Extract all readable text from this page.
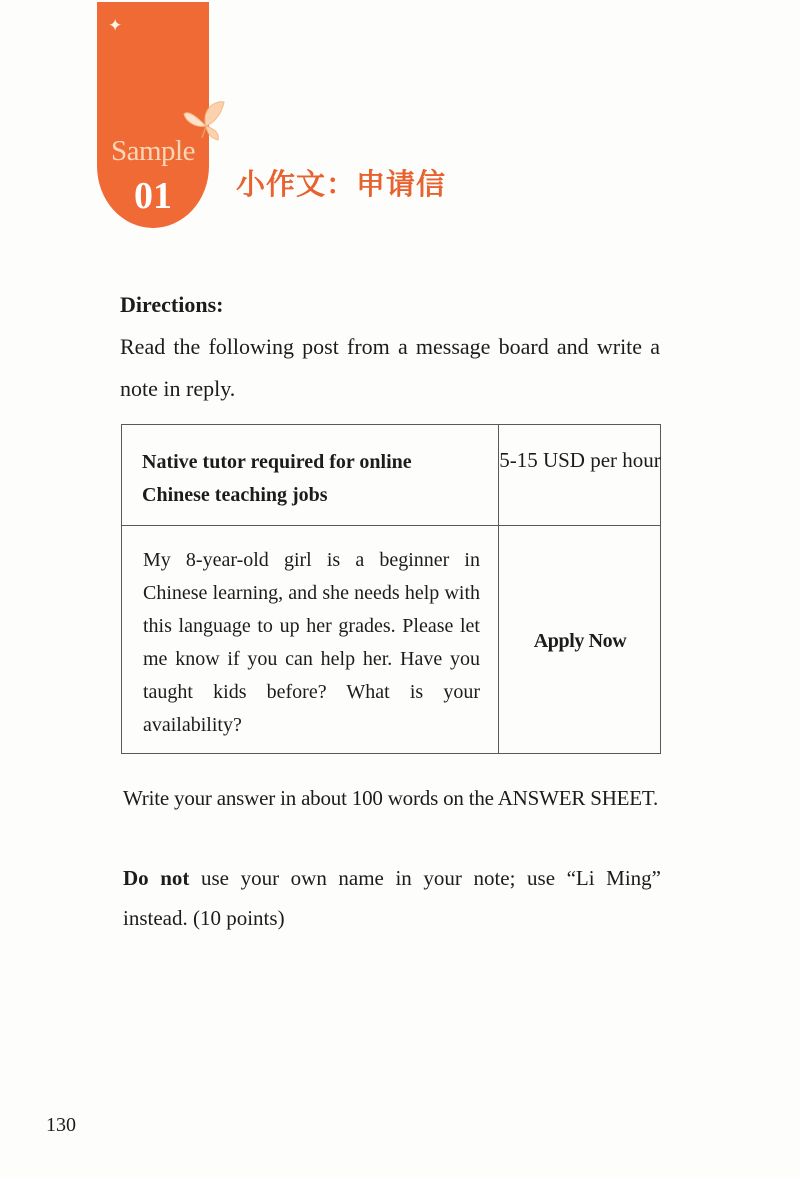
✦
Sample
01	小作文：申请信
Directions:
Read the following post from a message board and write a note in reply.
Native tutor required for online Chinese teaching jobs
5-15 USD per hour
My 8-year-old girl is a beginner in Chinese learning, and she needs help with this language to up her grades. Please let me know if you can help her. Have you taught kids before? What is your availability?
Apply Now
Write your answer in about 100 words on the ANSWER SHEET.
Do not use your own name in your note; use “Li Ming” instead. (10 points)
130
